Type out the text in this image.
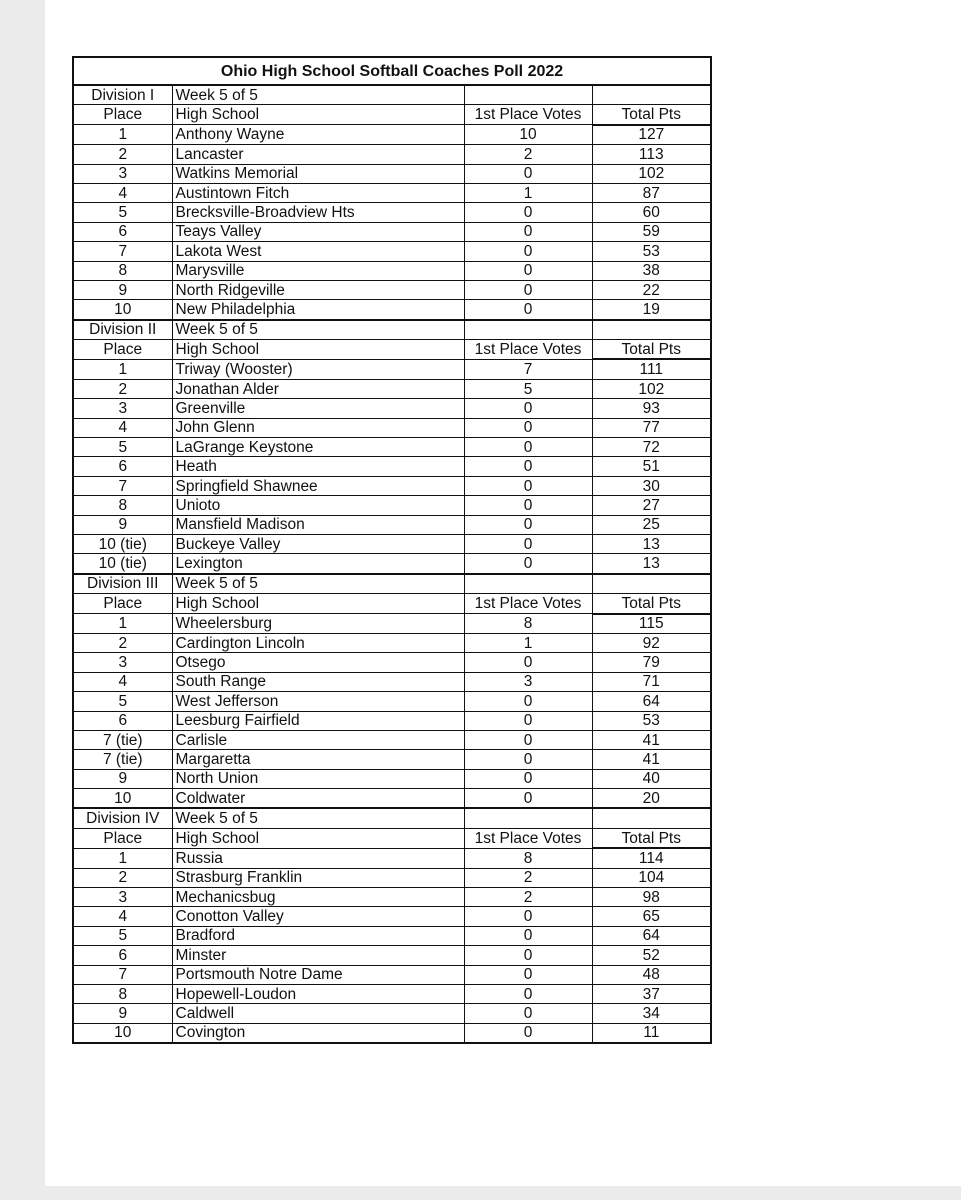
Ohio High School Softball Coaches Poll 2022			
Division I	Week 5 of 5		
Place	High School	1st Place Votes	Total Pts
1	Anthony Wayne	10	127
2	Lancaster	2	113
3	Watkins Memorial	0	102
4	Austintown Fitch	1	87
5	Brecksville-Broadview Hts	0	60
6	Teays Valley	0	59
7	Lakota West	0	53
8	Marysville	0	38
9	North Ridgeville	0	22
10	New Philadelphia	0	19
Division II	Week 5 of 5		
Place	High School	1st Place Votes	Total Pts
1	Triway (Wooster)	7	111
2	Jonathan Alder	5	102
3	Greenville	0	93
4	John Glenn	0	77
5	LaGrange Keystone	0	72
6	Heath	0	51
7	Springfield Shawnee	0	30
8	Unioto	0	27
9	Mansfield Madison	0	25
10 (tie)	Buckeye Valley	0	13
10 (tie)	Lexington	0	13
Division III	Week 5 of 5		
Place	High School	1st Place Votes	Total Pts
1	Wheelersburg	8	115
2	Cardington Lincoln	1	92
3	Otsego	0	79
4	South Range	3	71
5	West Jefferson	0	64
6	Leesburg Fairfield	0	53
7 (tie)	Carlisle	0	41
7 (tie)	Margaretta	0	41
9	North Union	0	40
10	Coldwater	0	20
Division IV	Week 5 of 5		
Place	High School	1st Place Votes	Total Pts
1	Russia	8	114
2	Strasburg Franklin	2	104
3	Mechanicsbug	2	98
4	Conotton Valley	0	65
5	Bradford	0	64
6	Minster	0	52
7	Portsmouth Notre Dame	0	48
8	Hopewell-Loudon	0	37
9	Caldwell	0	34
10	Covington	0	11
